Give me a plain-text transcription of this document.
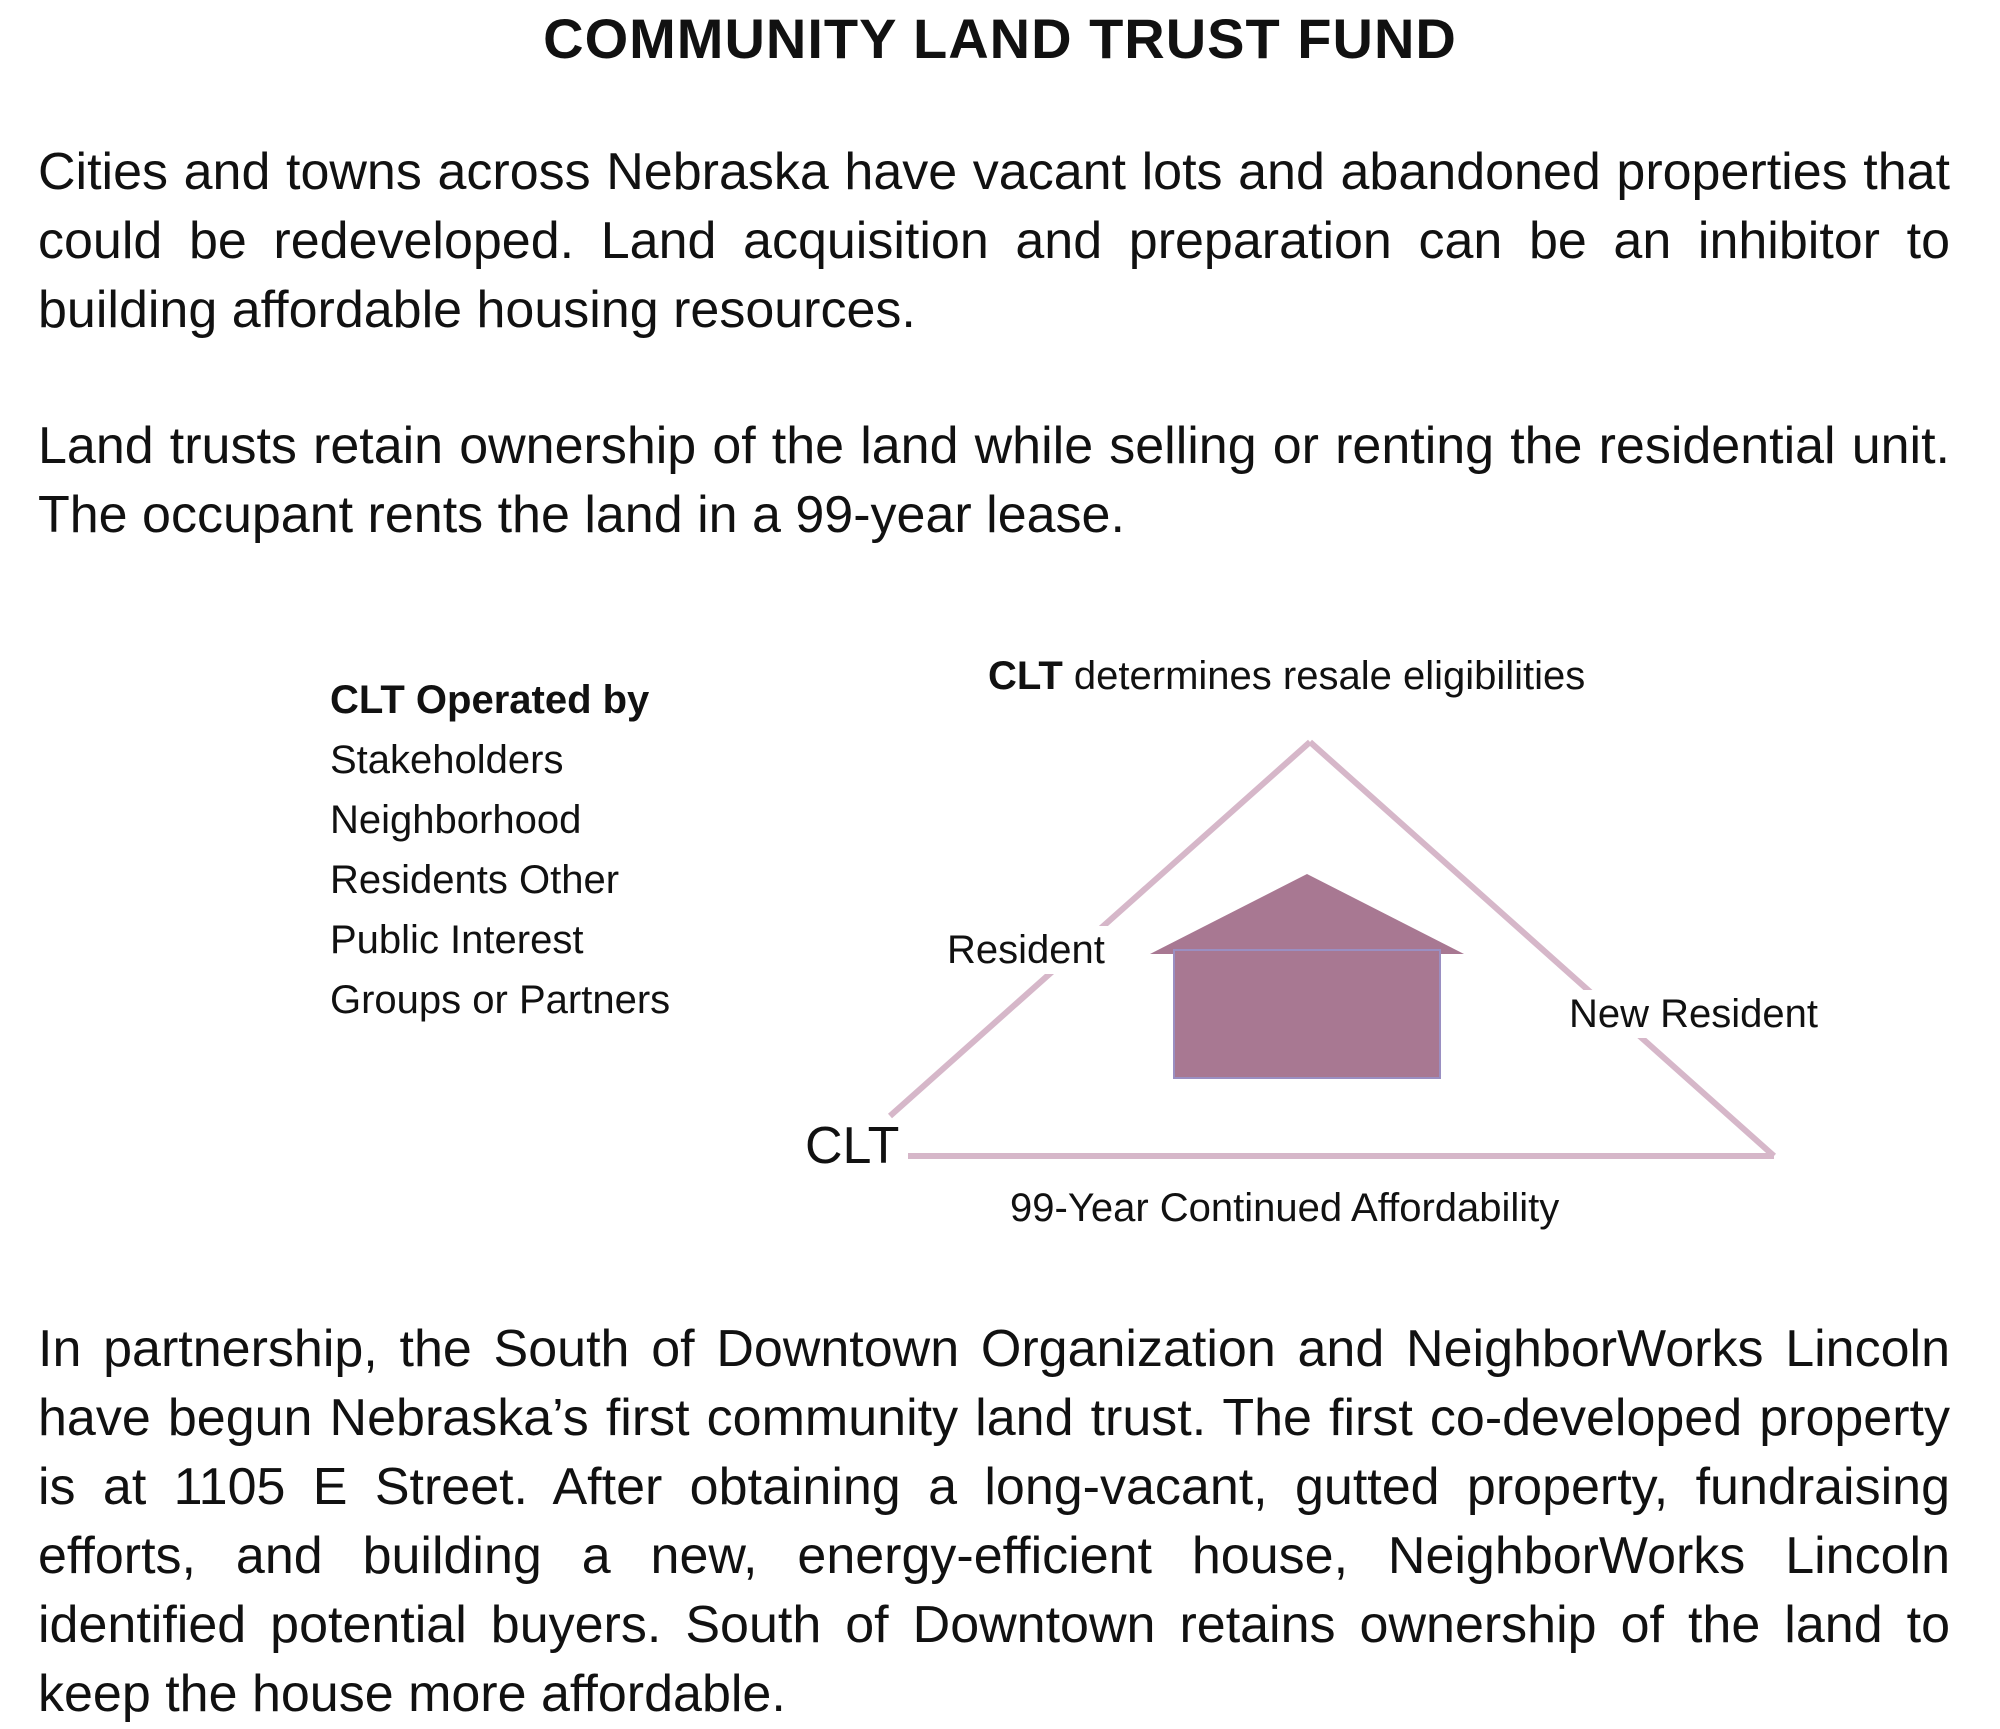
COMMUNITY LAND TRUST FUND

Cities and towns across Nebraska have vacant lots and abandoned properties that could be redeveloped. Land acquisition and preparation can be an inhibitor to building affordable housing resources.

Land trusts retain ownership of the land while selling or renting the residential unit. The occupant rents the land in a 99-year lease.

CLT Operated by
Stakeholders
Neighborhood
Residents Other
Public Interest
Groups or Partners
CLT determines resale eligibilities
Resident
New Resident
CLT
99-Year Continued Affordability

In partnership, the South of Downtown Organization and NeighborWorks Lincoln have begun Nebraska’s first community land trust. The first co-developed property is at 1105 E Street. After obtaining a long-vacant, gutted property, fundraising efforts, and building a new, energy-efficient house, NeighborWorks Lincoln identified potential buyers. South of Downtown retains ownership of the land to keep the house more affordable.
